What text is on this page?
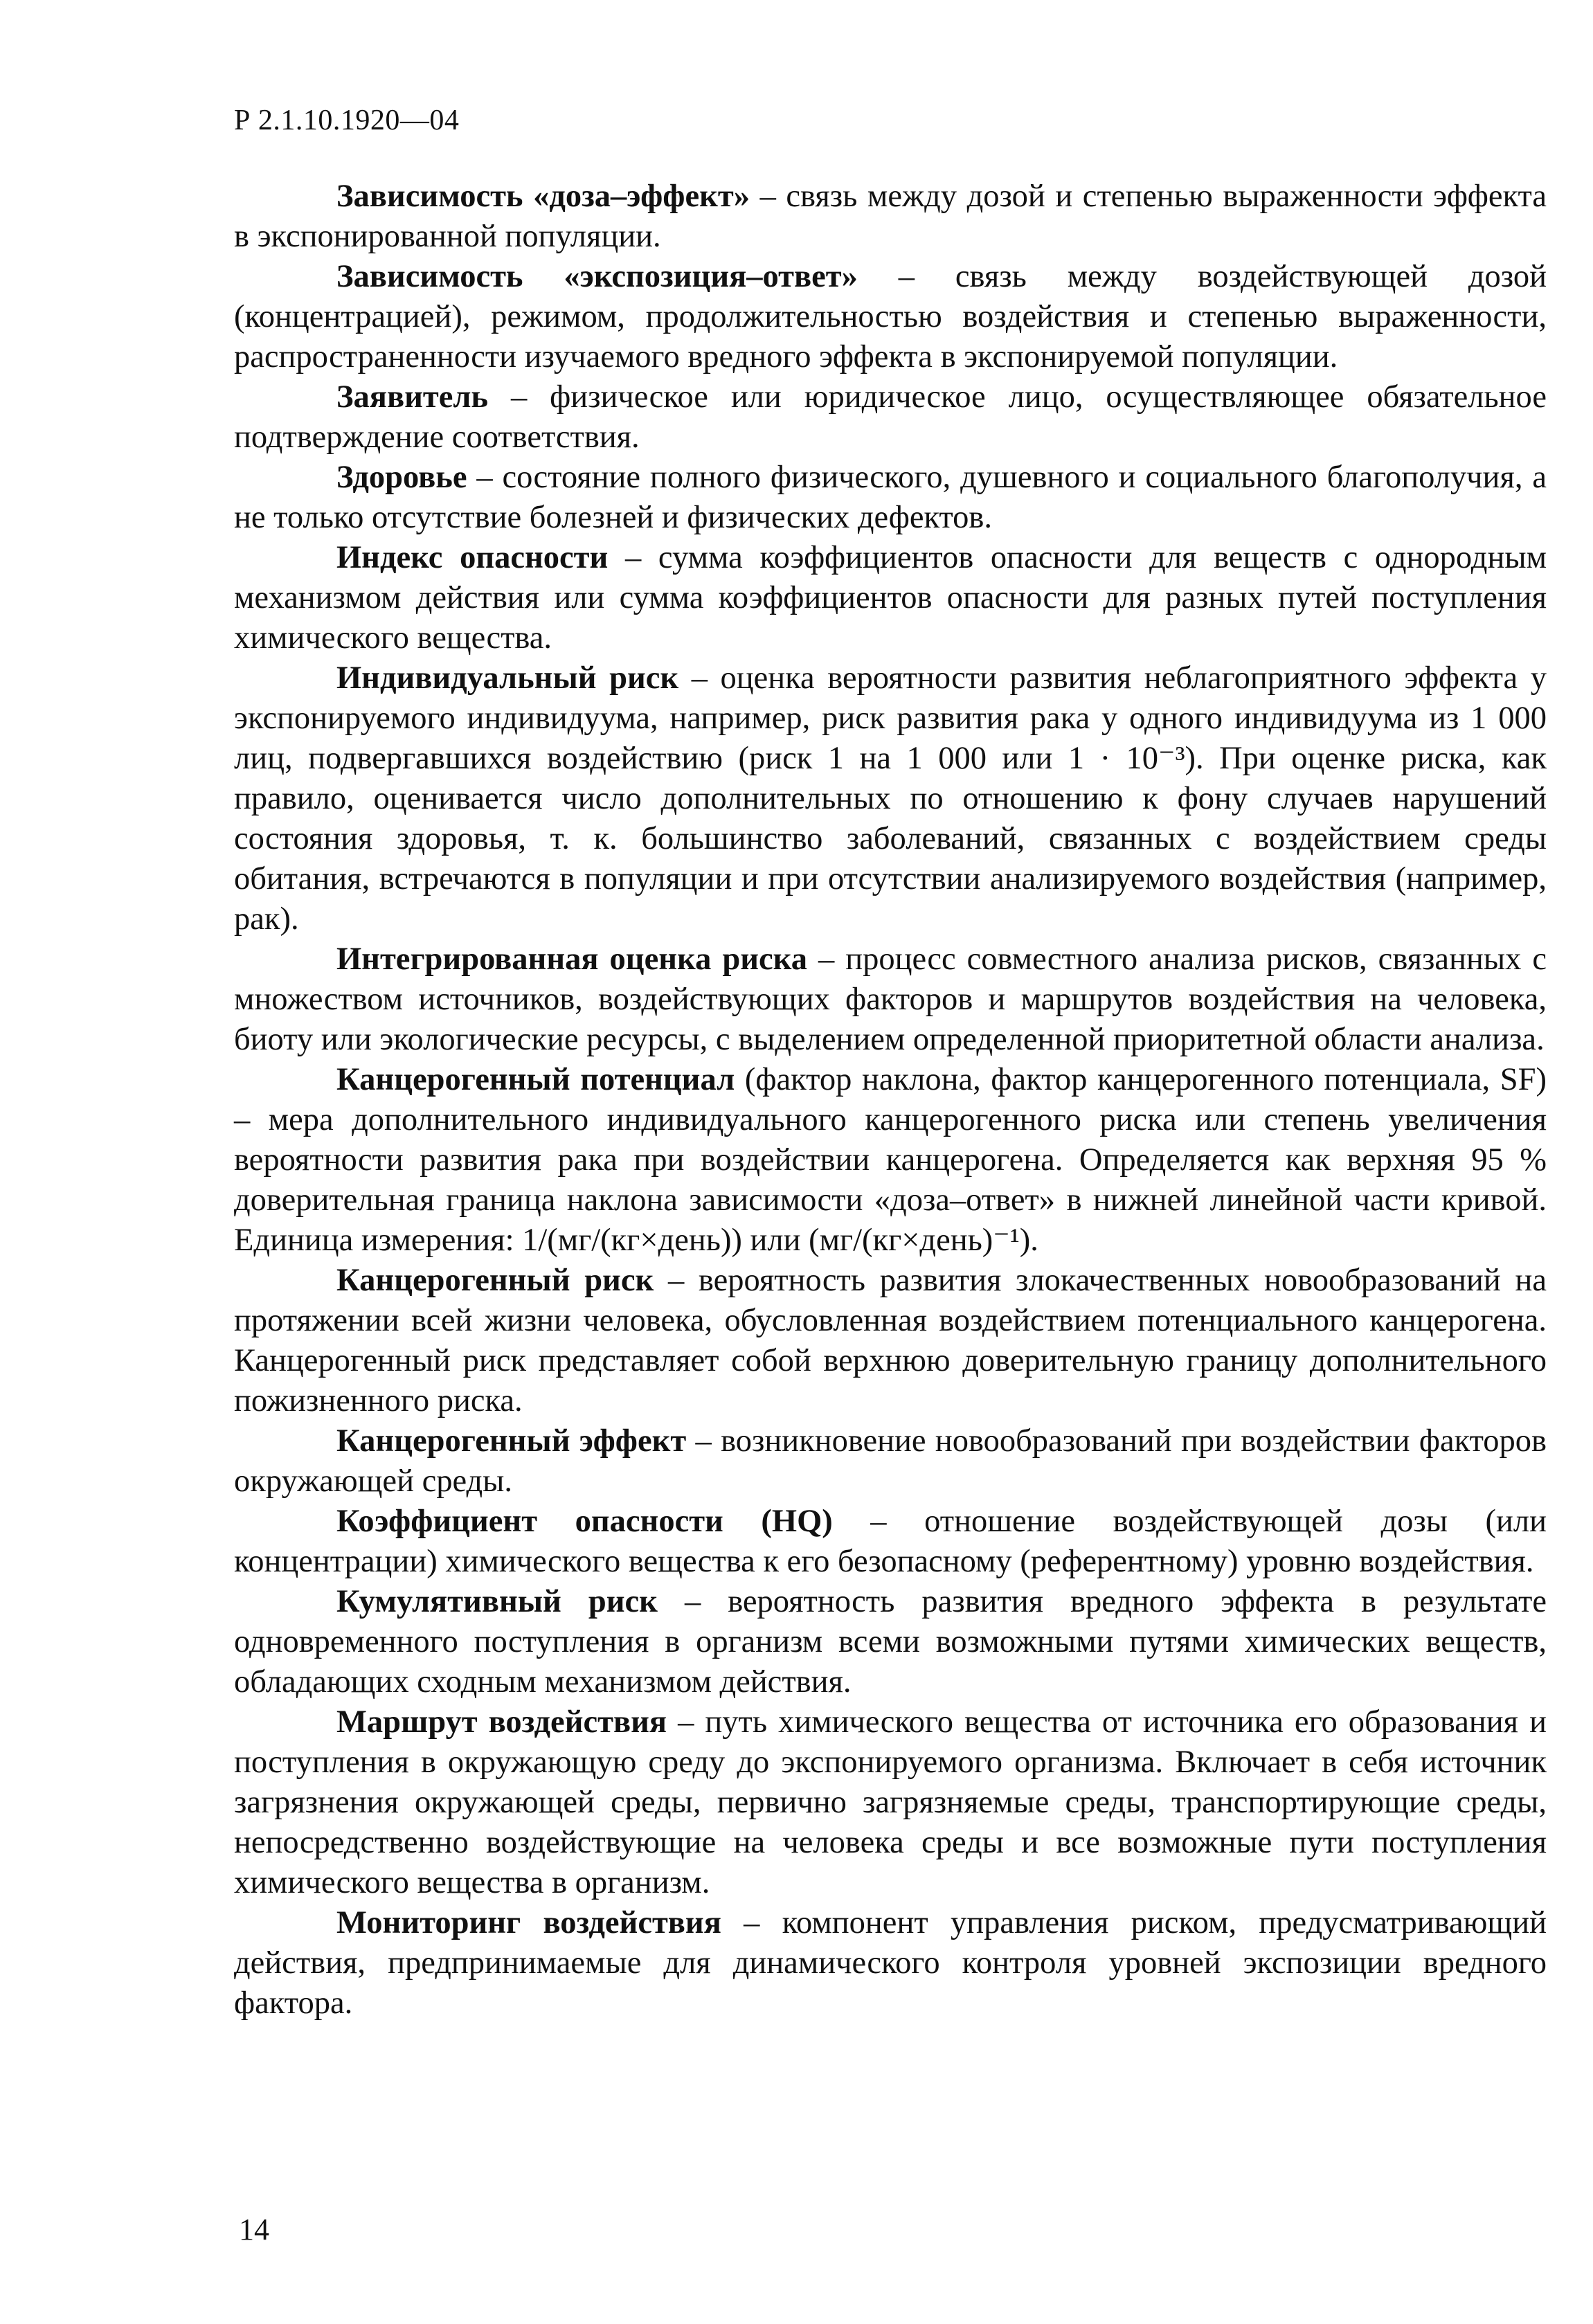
Р 2.1.10.1920—04

Зависимость «доза–эффект» – связь между дозой и степенью выраженности эффекта в экспонированной популяции.

Зависимость «экспозиция–ответ» – связь между воздействующей дозой (концентрацией), режимом, продолжительностью воздействия и степенью выраженности, распространенности изучаемого вредного эффекта в экспонируемой популяции.

Заявитель – физическое или юридическое лицо, осуществляющее обязательное подтверждение соответствия.

Здоровье – состояние полного физического, душевного и социального благополучия, а не только отсутствие болезней и физических дефектов.

Индекс опасности – сумма коэффициентов опасности для веществ с однородным механизмом действия или сумма коэффициентов опасности для разных путей поступления химического вещества.

Индивидуальный риск – оценка вероятности развития неблагоприятного эффекта у экспонируемого индивидуума, например, риск развития рака у одного индивидуума из 1 000 лиц, подвергавшихся воздействию (риск 1 на 1 000 или 1 · 10⁻³). При оценке риска, как правило, оценивается число дополнительных по отношению к фону случаев нарушений состояния здоровья, т. к. большинство заболеваний, связанных с воздействием среды обитания, встречаются в популяции и при отсутствии анализируемого воздействия (например, рак).

Интегрированная оценка риска – процесс совместного анализа рисков, связанных с множеством источников, воздействующих факторов и маршрутов воздействия на человека, биоту или экологические ресурсы, с выделением определенной приоритетной области анализа.

Канцерогенный потенциал (фактор наклона, фактор канцерогенного потенциала, SF) – мера дополнительного индивидуального канцерогенного риска или степень увеличения вероятности развития рака при воздействии канцерогена. Определяется как верхняя 95 % доверительная граница наклона зависимости «доза–ответ» в нижней линейной части кривой. Единица измерения: 1/(мг/(кг×день)) или (мг/(кг×день)⁻¹).

Канцерогенный риск – вероятность развития злокачественных новообразований на протяжении всей жизни человека, обусловленная воздействием потенциального канцерогена. Канцерогенный риск представляет собой верхнюю доверительную границу дополнительного пожизненного риска.

Канцерогенный эффект – возникновение новообразований при воздействии факторов окружающей среды.

Коэффициент опасности (HQ) – отношение воздействующей дозы (или концентрации) химического вещества к его безопасному (референтному) уровню воздействия.

Кумулятивный риск – вероятность развития вредного эффекта в результате одновременного поступления в организм всеми возможными путями химических веществ, обладающих сходным механизмом действия.

Маршрут воздействия – путь химического вещества от источника его образования и поступления в окружающую среду до экспонируемого организма. Включает в себя источник загрязнения окружающей среды, первично загрязняемые среды, транспортирующие среды, непосредственно воздействующие на человека среды и все возможные пути поступления химического вещества в организм.

Мониторинг воздействия – компонент управления риском, предусматривающий действия, предпринимаемые для динамического контроля уровней экспозиции вредного фактора.

14
